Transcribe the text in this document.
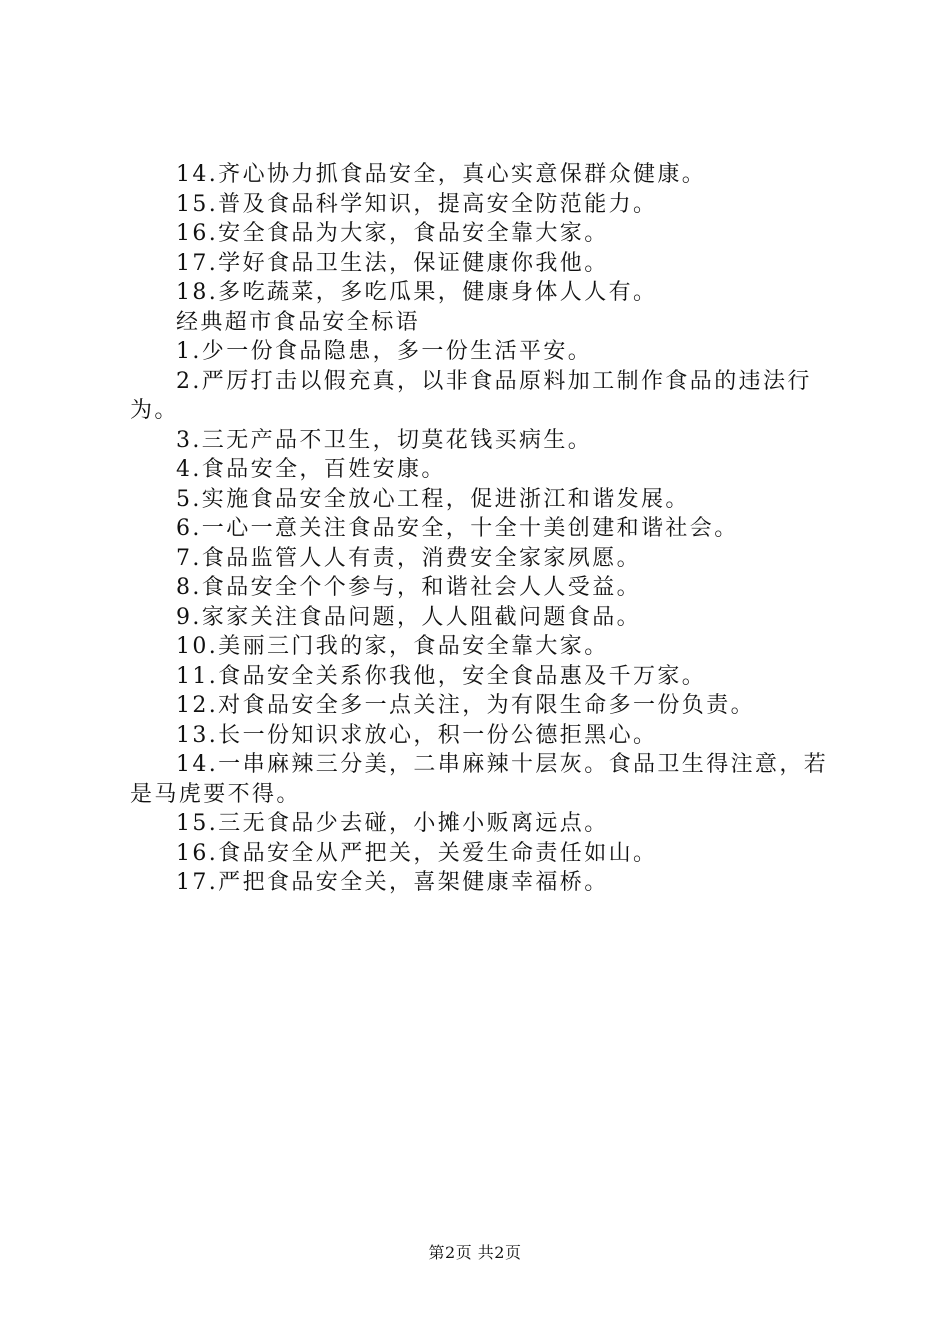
14.齐心协力抓食品安全，真心实意保群众健康。

15.普及食品科学知识，提高安全防范能力。

16.安全食品为大家，食品安全靠大家。

17.学好食品卫生法，保证健康你我他。

18.多吃蔬菜，多吃瓜果，健康身体人人有。

经典超市食品安全标语

1.少一份食品隐患，多一份生活平安。

2.严厉打击以假充真，以非食品原料加工制作食品的违法行为。

3.三无产品不卫生，切莫花钱买病生。

4.食品安全，百姓安康。

5.实施食品安全放心工程，促进浙江和谐发展。

6.一心一意关注食品安全，十全十美创建和谐社会。

7.食品监管人人有责，消费安全家家夙愿。

8.食品安全个个参与，和谐社会人人受益。

9.家家关注食品问题，人人阻截问题食品。

10.美丽三门我的家，食品安全靠大家。

11.食品安全关系你我他，安全食品惠及千万家。

12.对食品安全多一点关注，为有限生命多一份负责。

13.长一份知识求放心，积一份公德拒黑心。

14.一串麻辣三分美，二串麻辣十层灰。食品卫生得注意，若是马虎要不得。

15.三无食品少去碰，小摊小贩离远点。

16.食品安全从严把关，关爱生命责任如山。

17.严把食品安全关，喜架健康幸福桥。

第2页 共2页
